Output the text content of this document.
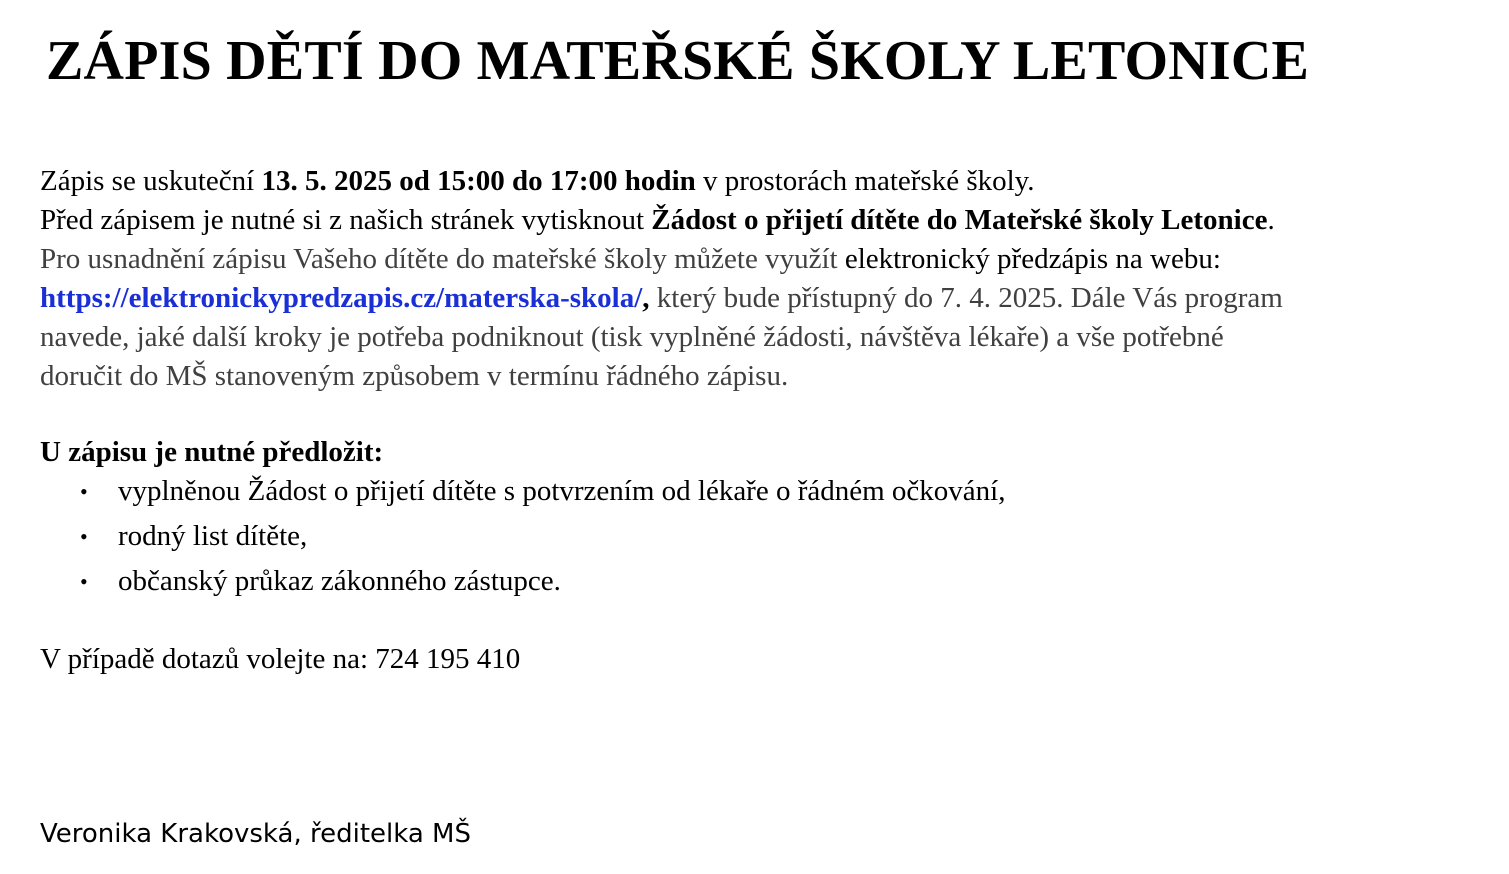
ZÁPIS DĚTÍ DO MATEŘSKÉ ŠKOLY LETONICE
Zápis se uskuteční 13. 5. 2025 od 15:00 do 17:00 hodin v prostorách mateřské školy.
Před zápisem je nutné si z našich stránek vytisknout Žádost o přijetí dítěte do Mateřské školy Letonice.
Pro usnadnění zápisu Vašeho dítěte do mateřské školy můžete využít elektronický předzápis na webu:
https://elektronickypredzapis.cz/materska-skola/, který bude přístupný do 7. 4. 2025. Dále Vás program
navede, jaké další kroky je potřeba podniknout (tisk vyplněné žádosti, návštěva lékaře) a vše potřebné
doručit do MŠ stanoveným způsobem v termínu řádného zápisu.
U zápisu je nutné předložit:
•	vyplněnou Žádost o přijetí dítěte s potvrzením od lékaře o řádném očkování,
•	rodný list dítěte,
•	občanský průkaz zákonného zástupce.
V případě dotazů volejte na: 724 195 410
Veronika Krakovská, ředitelka MŠ
